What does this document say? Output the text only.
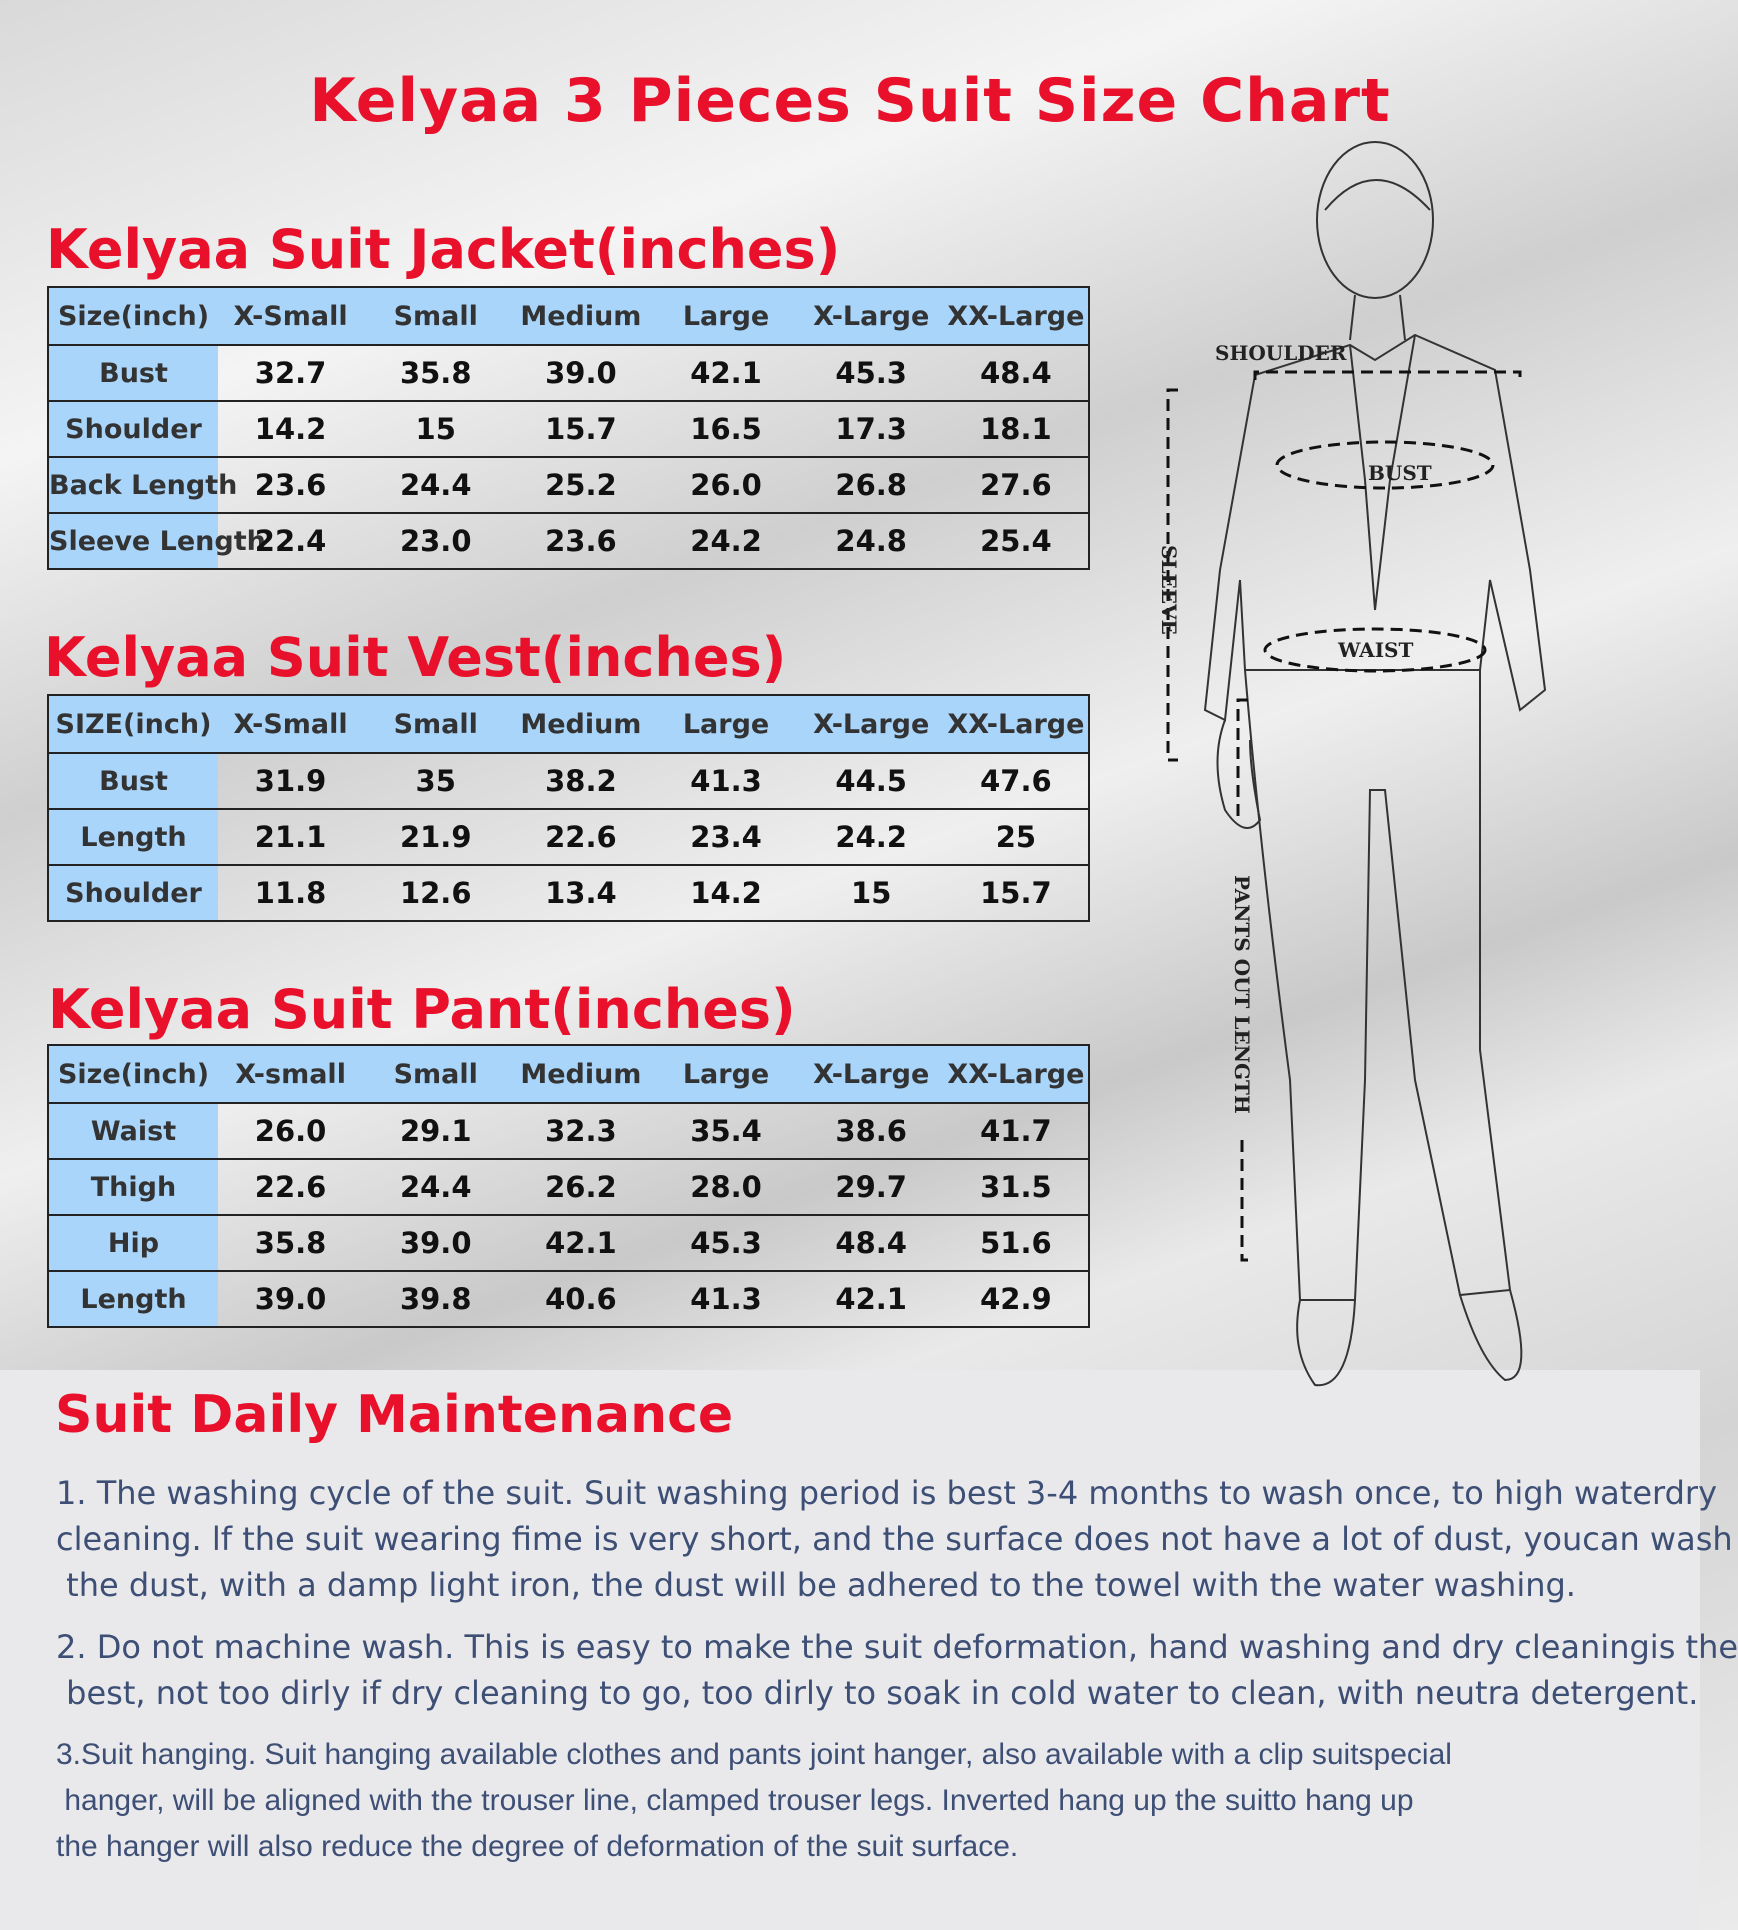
Kelyaa 3 Pieces Suit Size Chart
Kelyaa Suit Jacket(inches)
Size(inch)	X-Small	Small	Medium	Large	X-Large	XX-Large
Bust	32.7	35.8	39.0	42.1	45.3	48.4
Shoulder	14.2	15	15.7	16.5	17.3	18.1
Back Length	23.6	24.4	25.2	26.0	26.8	27.6
Sleeve Length	22.4	23.0	23.6	24.2	24.8	25.4
Kelyaa Suit Vest(inches)
SIZE(inch)	X-Small	Small	Medium	Large	X-Large	XX-Large
Bust	31.9	35	38.2	41.3	44.5	47.6
Length	21.1	21.9	22.6	23.4	24.2	25
Shoulder	11.8	12.6	13.4	14.2	15	15.7
Kelyaa Suit Pant(inches)
Size(inch)	X-small	Small	Medium	Large	X-Large	XX-Large
Waist	26.0	29.1	32.3	35.4	38.6	41.7
Thigh	22.6	24.4	26.2	28.0	29.7	31.5
Hip	35.8	39.0	42.1	45.3	48.4	51.6
Length	39.0	39.8	40.6	41.3	42.1	42.9
SHOULDER
BUST
WAIST
SLEEVE
PANTS OUT LENGTH
Suit Daily Maintenance
1. The washing cycle of the suit. Suit washing period is best 3-4 months to wash once, to high waterdry
cleaning. lf the suit wearing fime is very short, and the surface does not have a lot of dust, youcan wash
the dust, with a damp light iron, the dust will be adhered to the towel with the water washing.
2. Do not machine wash. This is easy to make the suit deformation, hand washing and dry cleaningis the
best, not too dirly if dry cleaning to go, too dirly to soak in cold water to clean, with neutra detergent.
3.Suit hanging. Suit hanging available clothes and pants joint hanger, also available with a clip suitspecial
hanger, will be aligned with the trouser line, clamped trouser legs. Inverted hang up the suitto hang up
the hanger will also reduce the degree of deformation of the suit surface.
